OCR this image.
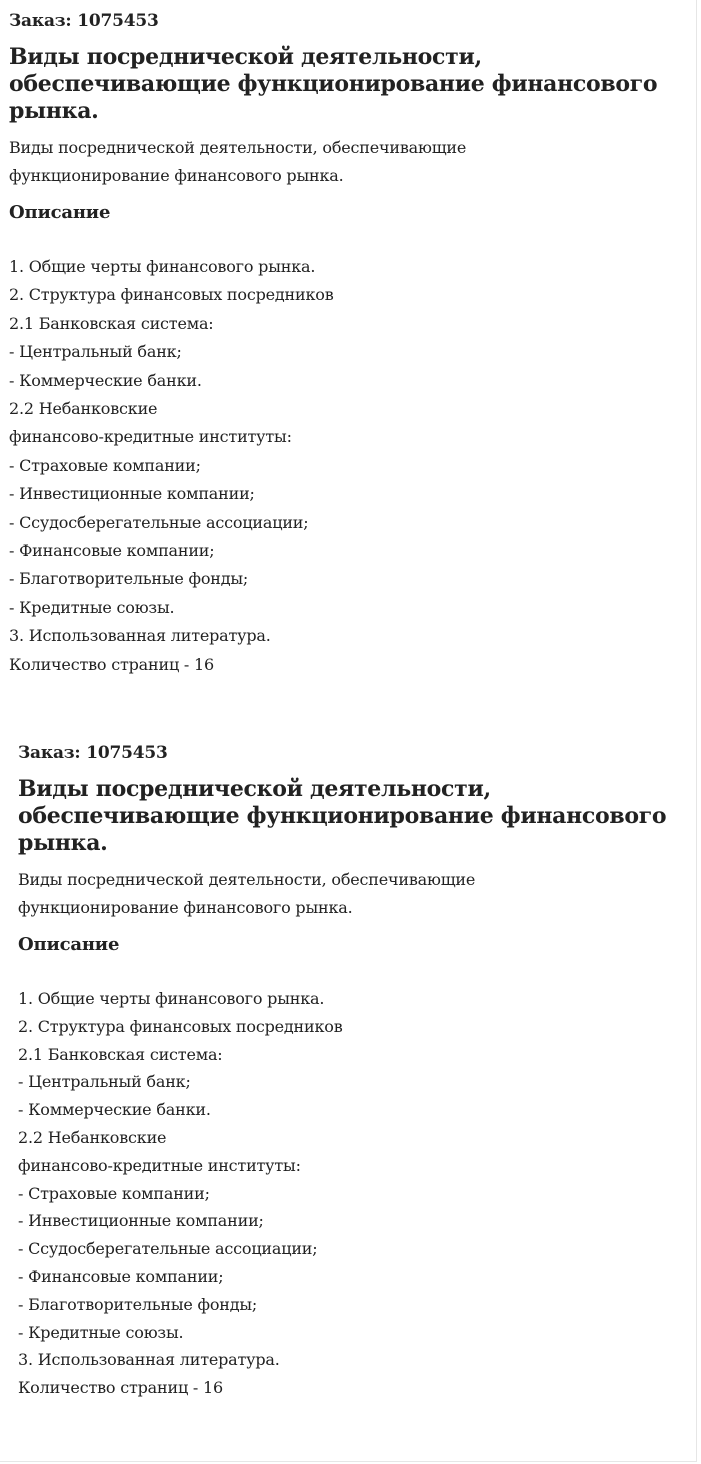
Заказ: 1075453
Виды посреднической деятельности,
обеспечивающие функционирование финансового
рынка.
Виды посреднической деятельности, обеспечивающие
функционирование финансового рынка.
Описание
1. Общие черты финансового рынка.
2. Структура финансовых посредников
2.1 Банковская система:
- Центральный банк;
- Коммерческие банки.
2.2 Небанковские
финансово-кредитные институты:
- Страховые компании;
- Инвестиционные компании;
- Ссудосберегательные ассоциации;
- Финансовые компании;
- Благотворительные фонды;
- Кредитные союзы.
3. Использованная литература.
Количество страниц - 16
Заказ: 1075453
Виды посреднической деятельности,
обеспечивающие функционирование финансового
рынка.
Виды посреднической деятельности, обеспечивающие
функционирование финансового рынка.
Описание
1. Общие черты финансового рынка.
2. Структура финансовых посредников
2.1 Банковская система:
- Центральный банк;
- Коммерческие банки.
2.2 Небанковские
финансово-кредитные институты:
- Страховые компании;
- Инвестиционные компании;
- Ссудосберегательные ассоциации;
- Финансовые компании;
- Благотворительные фонды;
- Кредитные союзы.
3. Использованная литература.
Количество страниц - 16
